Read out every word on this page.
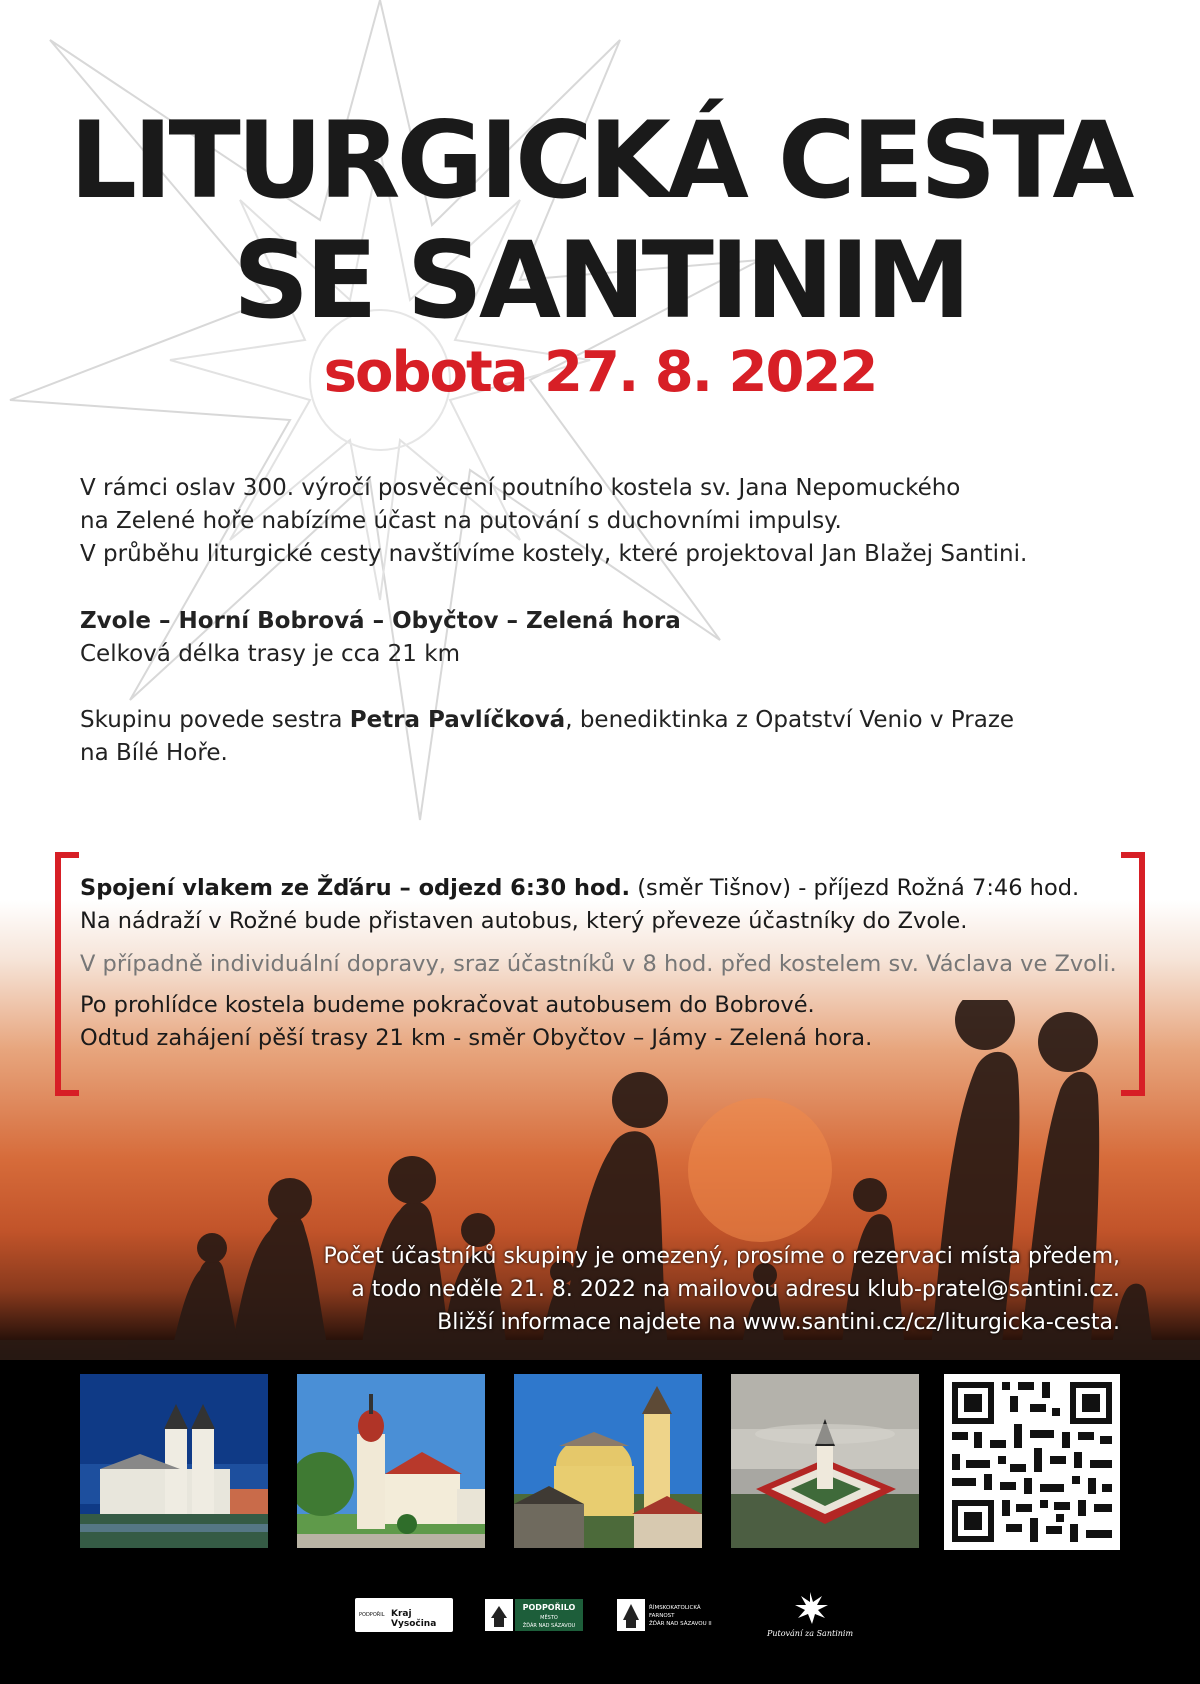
LITURGICKÁ CESTA
SE SANTINIM
sobota 27. 8. 2022

V rámci oslav 300. výročí posvěcení poutního kostela sv. Jana Nepomuckého

na Zelené hoře nabízíme účast na putování s duchovními impulsy.

V průběhu liturgické cesty navštívíme kostely, které projektoval Jan Blažej Santini.

Zvole – Horní Bobrová – Obyčtov – Zelená hora

Celková délka trasy je cca 21 km

Skupinu povede sestra Petra Pavlíčková, benediktinka z Opatství Venio v Praze

na Bílé Hoře.

Spojení vlakem ze Žďáru – odjezd 6:30 hod. (směr Tišnov) - příjezd Rožná 7:46 hod.

Na nádraží v Rožné bude přistaven autobus, který převeze účastníky do Zvole.

V případně individuální dopravy, sraz účastníků v 8 hod. před kostelem sv. Václava ve Zvoli.

Po prohlídce kostela budeme pokračovat autobusem do Bobrové.

Odtud zahájení pěší trasy 21 km - směr Obyčtov – Jámy - Zelená hora.

Počet účastníků skupiny je omezený, prosíme o rezervaci místa předem,

a todo neděle 21. 8. 2022 na mailovou adresu klub-pratel@santini.cz.

Bližší informace najdete na www.santini.cz/cz/liturgicka-cesta.

PODPOŘIL Kraj Vysočina
PODPOŘILO
MĚSTO
ŽĎÁR NAD SÁZAVOU
ŘÍMSKOKATOLICKÁ
FARNOST
ŽĎÁR NAD SÁZAVOU II
Putování za Santinim
